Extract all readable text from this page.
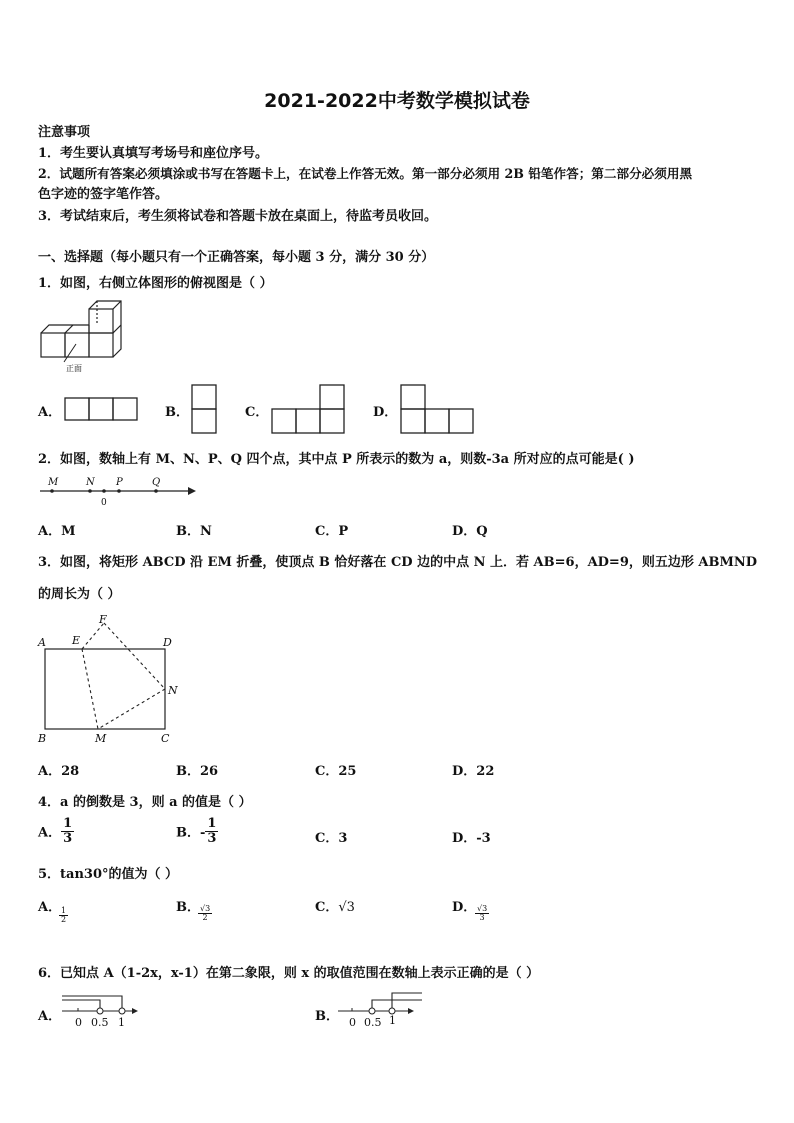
2021-2022中考数学模拟试卷
注意事项
1．考生要认真填写考场号和座位序号。
2．试题所有答案必须填涂或书写在答题卡上，在试卷上作答无效。第一部分必须用 2B 铅笔作答；第二部分必须用黑
色字迹的签字笔作答。
3．考试结束后，考生须将试卷和答题卡放在桌面上，待监考员收回。
一、选择题（每小题只有一个正确答案，每小题 3 分，满分 30 分）
1．如图，右侧立体图形的俯视图是（ ）
正面
A．	B．	C．	D．
2．如图，数轴上有 M、N、P、Q 四个点，其中点 P 所表示的数为 a，则数-3a 所对应的点可能是( )
M	N P	Q
0
A．M	B．N	C．P	D．Q
3．如图，将矩形 ABCD 沿 EM 折叠，使顶点 B 恰好落在 CD 边的中点 N 上．若 AB=6，AD=9，则五边形 ABMND
的周长为（ ）
A E
F
D
N
B	M	C
A．28	B．26	C．25	D．22
4．a 的倒数是 3，则 a 的值是（ ）
A． $\frac{1}{3}$	B．- $\frac{1}{3}$	C．3	D．-3
5．tan30°的值为（ ）
A．
$\frac{1}{2}$	B．
$\frac{√3}{2}$	C．√3	D．
$\frac{√3}{3}$
6．已知点 A（1-2x，x-1）在第二象限，则 x 的取值范围在数轴上表示正确的是（ ）
A． 0 0.5 1	B． 0 0.5 1
